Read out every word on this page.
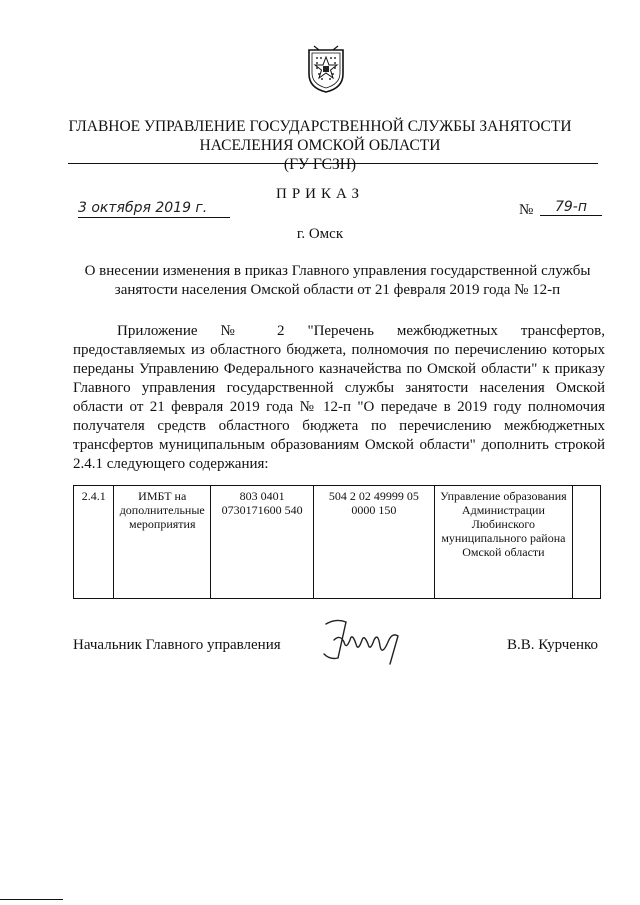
ГЛАВНОЕ УПРАВЛЕНИЕ ГОСУДАРСТВЕННОЙ СЛУЖБЫ ЗАНЯТОСТИ
НАСЕЛЕНИЯ ОМСКОЙ ОБЛАСТИ
(ГУ ГСЗН)
ПРИКАЗ
3 октября 2019 г.	№	79-п
г. Омск
О внесении изменения в приказ Главного управления государственной службы занятости населения Омской области от 21 февраля 2019 года № 12-п
Приложение № 2 "Перечень межбюджетных трансфертов, предоставляемых из областного бюджета, полномочия по перечислению которых переданы Управлению Федерального казначейства по Омской области" к приказу Главного управления государственной службы занятости населения Омской области от 21 февраля 2019 года № 12-п "О передаче в 2019 году полномочия получателя средств областного бюджета по перечислению межбюджетных трансфертов муниципальным образованиям Омской области" дополнить строкой 2.4.1 следующего содержания:
2.4.1	ИМБТ на дополнительные мероприятия	803 0401 0730171600 540	504 2 02 49999 05 0000 150	Управление образования Администрации Любинского муниципального района Омской области	
Начальник Главного управления	В.В. Курченко
